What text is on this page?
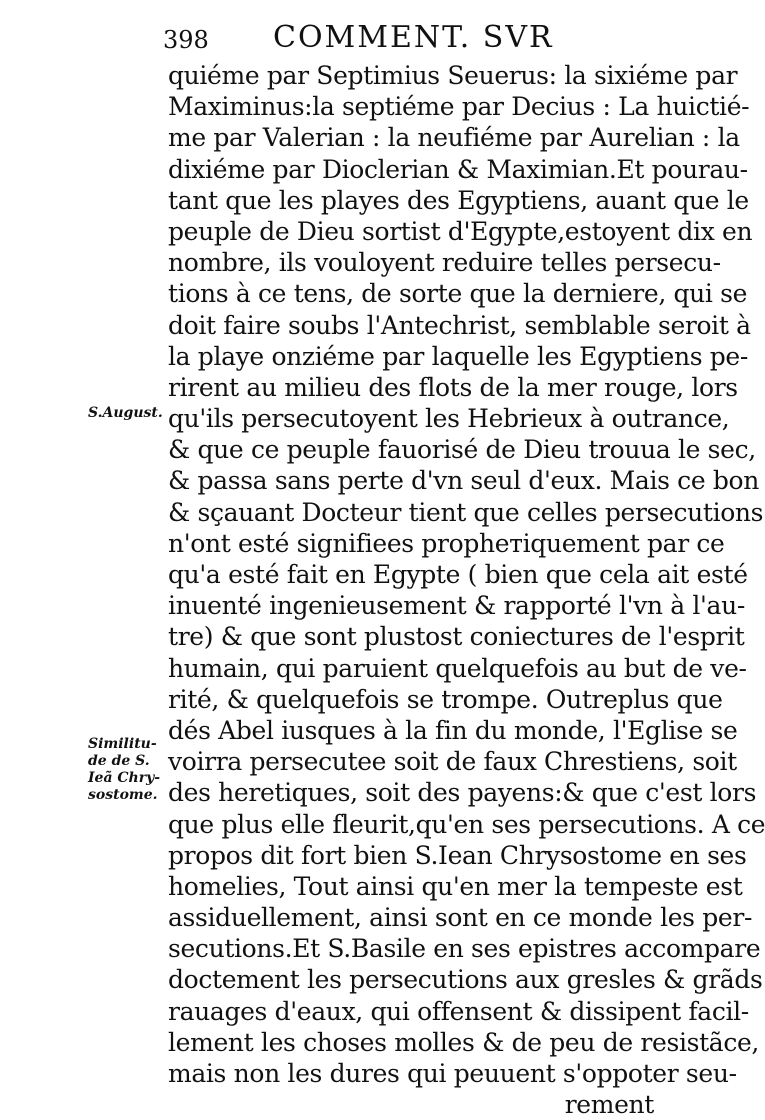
398 COMMENT. SVR
quiéme par Septimius Seuerus: la sixiéme par
Maximinus:la septiéme par Decius : La huictié-
me par Valerian : la neufiéme par Aurelian : la
dixiéme par Dioclerian & Maximian.Et pourau-
tant que les playes des Egyptiens, auant que le
peuple de Dieu sortist d'Egypte,estoyent dix en
nombre, ils vouloyent reduire telles persecu-
tions à ce tens, de sorte que la derniere, qui se
doit faire soubs l'Antechrist, semblable seroit à
la playe onziéme par laquelle les Egyptiens pe-
rirent au milieu des flots de la mer rouge, lors
qu'ils persecutoyent les Hebrieux à outrance,
& que ce peuple fauorisé de Dieu trouua le sec,
& passa sans perte d'vn seul d'eux. Mais ce bon
& sçauant Docteur tient que celles persecutions
n'ont esté signifiees propheтiquement par ce
qu'a esté fait en Egypte ( bien que cela ait esté
inuenté ingenieusement & rapporté l'vn à l'au-
tre) & que sont plustost coniectures de l'esprit
humain, qui paruient quelquefois au but de ve-
rité, & quelquefois se trompe. Outreplus que
dés Abel iusques à la fin du monde, l'Eglise se
voirra persecutee soit de faux Chrestiens, soit
des heretiques, soit des payens:& que c'est lors
que plus elle fleurit,qu'en ses persecutions. A ce
propos dit fort bien S.Iean Chrysostome en ses
homelies, Tout ainsi qu'en mer la tempeste est
assiduellement, ainsi sont en ce monde les per-
secutions.Et S.Basile en ses epistres accompare
doctement les persecutions aux gresles & grãds
rauages d'eaux, qui offensent & dissipent facil-
lement les choses molles & de peu de resistãce,
mais non les dures qui peuuent s'oppoter seu-
rement
S.August.
Similitu-
de de S.
Ieã Chry-
sostome.
